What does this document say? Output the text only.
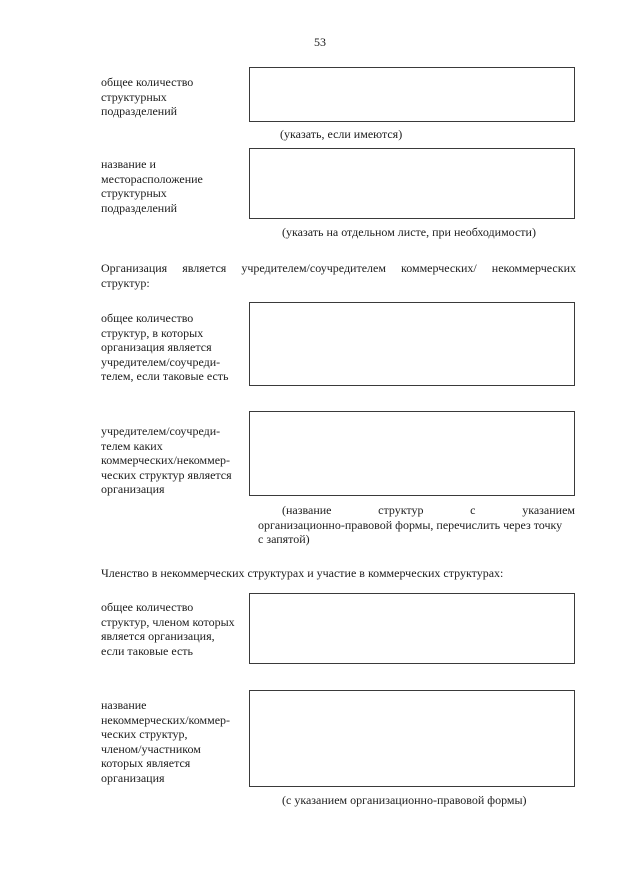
53
общее количество
структурных
подразделений
(указать, если имеются)
название и
месторасположение
структурных
подразделений
(указать на отдельном листе, при необходимости)
Организация является учредителем/соучредителем коммерческих/ некоммерческих
структур:
общее количество
структур, в которых
организация является
учредителем/соучреди-
телем, если таковые есть
учредителем/соучреди-
телем каких
коммерческих/некоммер-
ческих структур является
организация
(название структур с указанием
организационно-правовой формы, перечислить через точку
с запятой)
Членство в некоммерческих структурах и участие в коммерческих структурах:
общее количество
структур, членом которых
является организация,
если таковые есть
название
некоммерческих/коммер-
ческих структур,
членом/участником
которых является
организация
(с указанием организационно-правовой формы)
